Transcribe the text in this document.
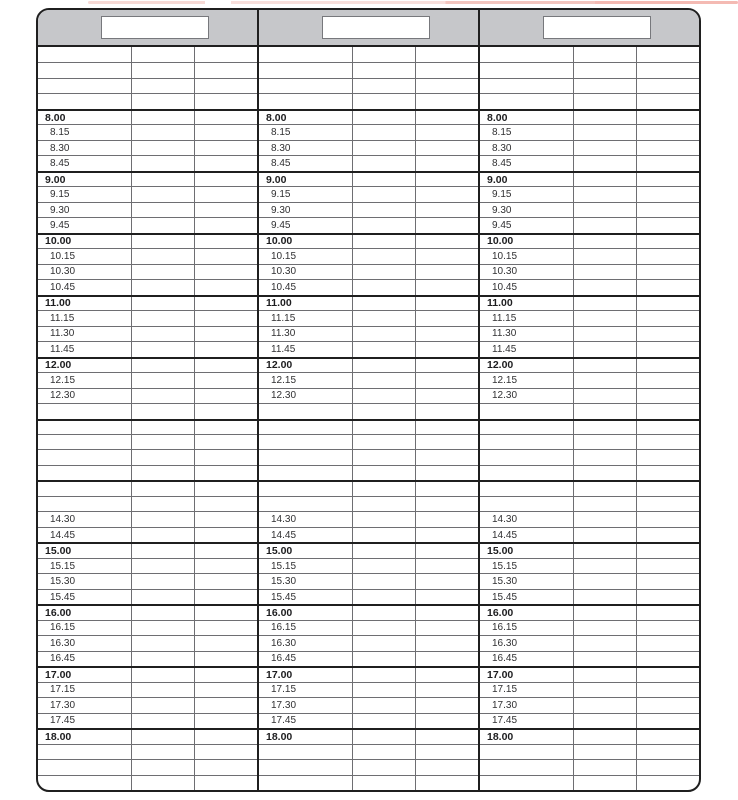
8.00
8.15
8.30
8.45
9.00
9.15
9.30
9.45
10.00
10.15
10.30
10.45
11.00
11.15
11.30
11.45
12.00
12.15
12.30
14.30
14.45
15.00
15.15
15.30
15.45
16.00
16.15
16.30
16.45
17.00
17.15
17.30
17.45
18.00
8.00
8.15
8.30
8.45
9.00
9.15
9.30
9.45
10.00
10.15
10.30
10.45
11.00
11.15
11.30
11.45
12.00
12.15
12.30
14.30
14.45
15.00
15.15
15.30
15.45
16.00
16.15
16.30
16.45
17.00
17.15
17.30
17.45
18.00
8.00
8.15
8.30
8.45
9.00
9.15
9.30
9.45
10.00
10.15
10.30
10.45
11.00
11.15
11.30
11.45
12.00
12.15
12.30
14.30
14.45
15.00
15.15
15.30
15.45
16.00
16.15
16.30
16.45
17.00
17.15
17.30
17.45
18.00
